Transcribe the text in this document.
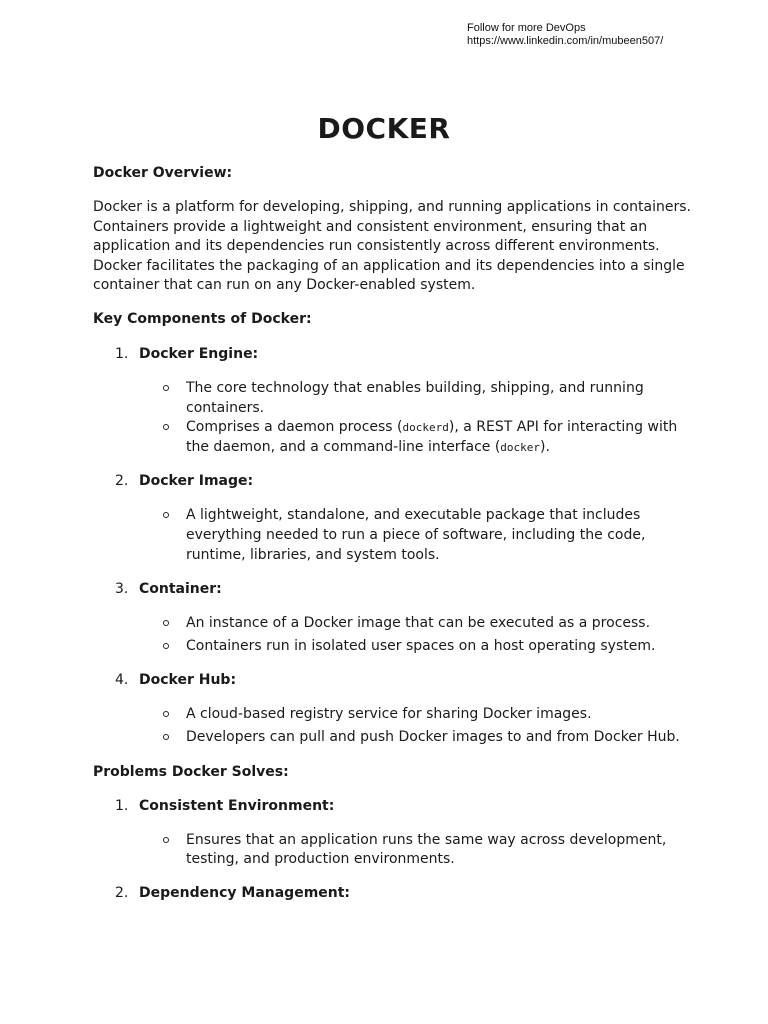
Follow for more DevOps
https://www.linkedin.com/in/mubeen507/
DOCKER

Docker Overview:

Docker is a platform for developing, shipping, and running applications in containers. Containers provide a lightweight and consistent environment, ensuring that an application and its dependencies run consistently across different environments. Docker facilitates the packaging of an application and its dependencies into a single container that can run on any Docker-enabled system.

Key Components of Docker:

1. Docker Engine:

The core technology that enables building, shipping, and running containers.
Comprises a daemon process (dockerd), a REST API for interacting with the daemon, and a command-line interface (docker).

2. Docker Image:

A lightweight, standalone, and executable package that includes everything needed to run a piece of software, including the code, runtime, libraries, and system tools.

3. Container:

An instance of a Docker image that can be executed as a process.
Containers run in isolated user spaces on a host operating system.

4. Docker Hub:

A cloud-based registry service for sharing Docker images.
Developers can pull and push Docker images to and from Docker Hub.

Problems Docker Solves:

1. Consistent Environment:

Ensures that an application runs the same way across development, testing, and production environments.

2. Dependency Management:
